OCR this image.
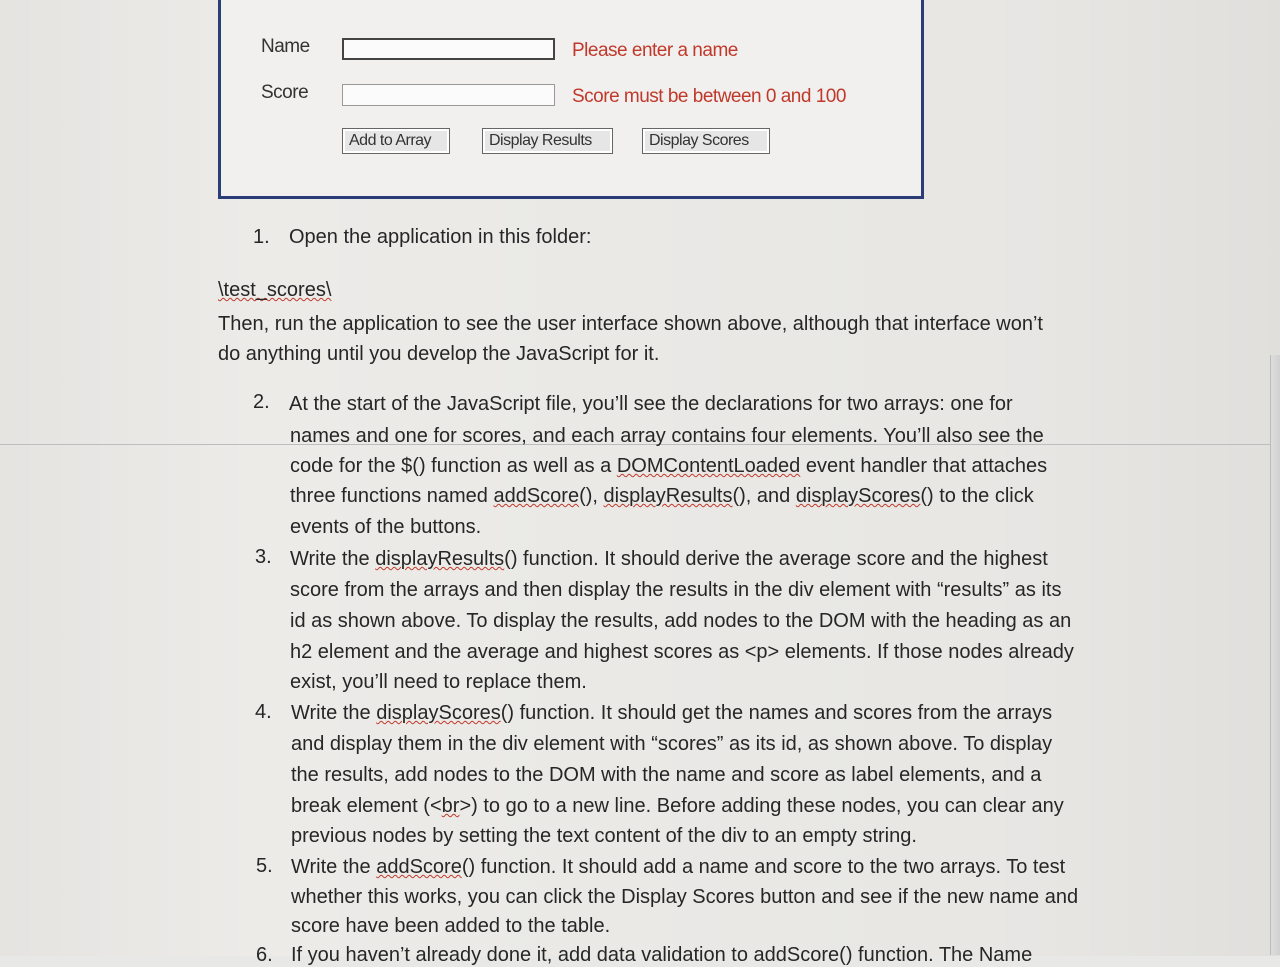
Name	Please enter a name
Score	Score must be between 0 and 100
Add to Array	Display Results	Display Scores
1. Open the application in this folder:
\test_scores\
Then, run the application to see the user interface shown above, although that interface won’t
do anything until you develop the JavaScript for it.
2. At the start of the JavaScript file, you’ll see the declarations for two arrays: one for
names and one for scores, and each array contains four elements. You’ll also see the
code for the $() function as well as a DOMContentLoaded event handler that attaches
three functions named addScore(), displayResults(), and displayScores() to the click
events of the buttons.
3. Write the displayResults() function. It should derive the average score and the highest
score from the arrays and then display the results in the div element with “results” as its
id as shown above. To display the results, add nodes to the DOM with the heading as an
h2 element and the average and highest scores as <p> elements. If those nodes already
exist, you’ll need to replace them.
4. Write the displayScores() function. It should get the names and scores from the arrays
and display them in the div element with “scores” as its id, as shown above. To display
the results, add nodes to the DOM with the name and score as label elements, and a
break element (<br>) to go to a new line. Before adding these nodes, you can clear any
previous nodes by setting the text content of the div to an empty string.
5. Write the addScore() function. It should add a name and score to the two arrays. To test
whether this works, you can click the Display Scores button and see if the new name and
score have been added to the table.
6. If you haven’t already done it, add data validation to addScore() function. The Name
